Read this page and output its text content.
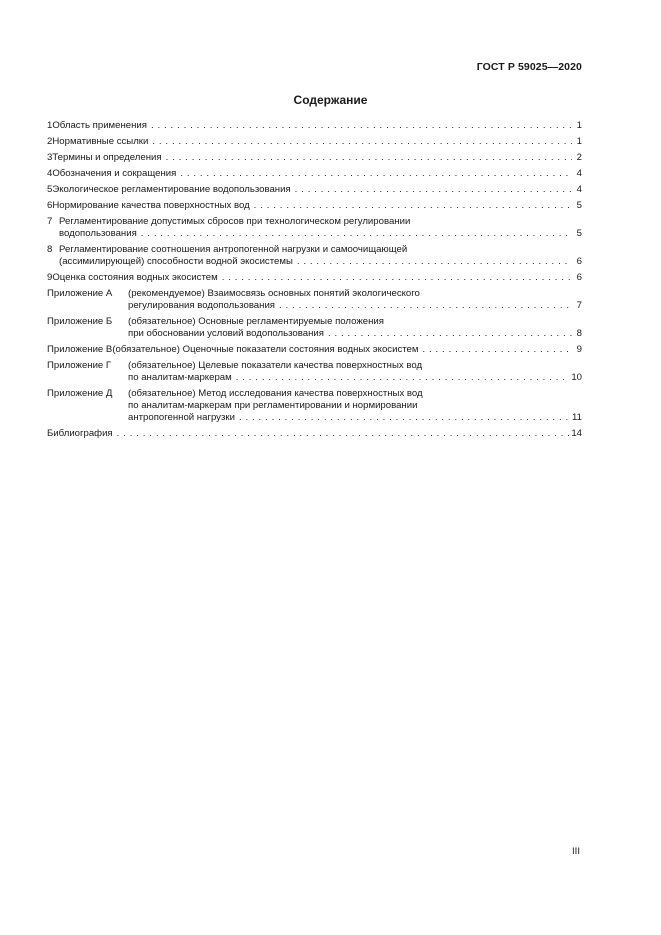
ГОСТ Р 59025—2020
Содержание
1 Область применения . . .	1
2 Нормативные ссылки . . .	1
3 Термины и определения . . .	2
4 Обозначения и сокращения . . .	4
5 Экологическое регламентирование водопользования . . .	4
6 Нормирование качества поверхностных вод . . .	5
7 Регламентирование допустимых сбросов при технологическом регулировании
водопользования . . .	5
8 Регламентирование соотношения антропогенной нагрузки и самоочищающей
(ассимилирующей) способности водной экосистемы . . .	6
9 Оценка состояния водных экосистем . . .	6
Приложение А	(рекомендуемое) Взаимосвязь основных понятий экологического
регулирования водопользования . . .	7
Приложение Б	(обязательное) Основные регламентируемые положения
при обосновании условий водопользования . . .	8
Приложение В (обязательное) Оценочные показатели состояния водных экосистем . . .	9
Приложение Г	(обязательное) Целевые показатели качества поверхностных вод
по аналитам-маркерам . . .	10
Приложение Д	(обязательное) Метод исследования качества поверхностных вод
по аналитам-маркерам при регламентировании и нормировании
антропогенной нагрузки . . .	11
Библиография . . .	14
III
